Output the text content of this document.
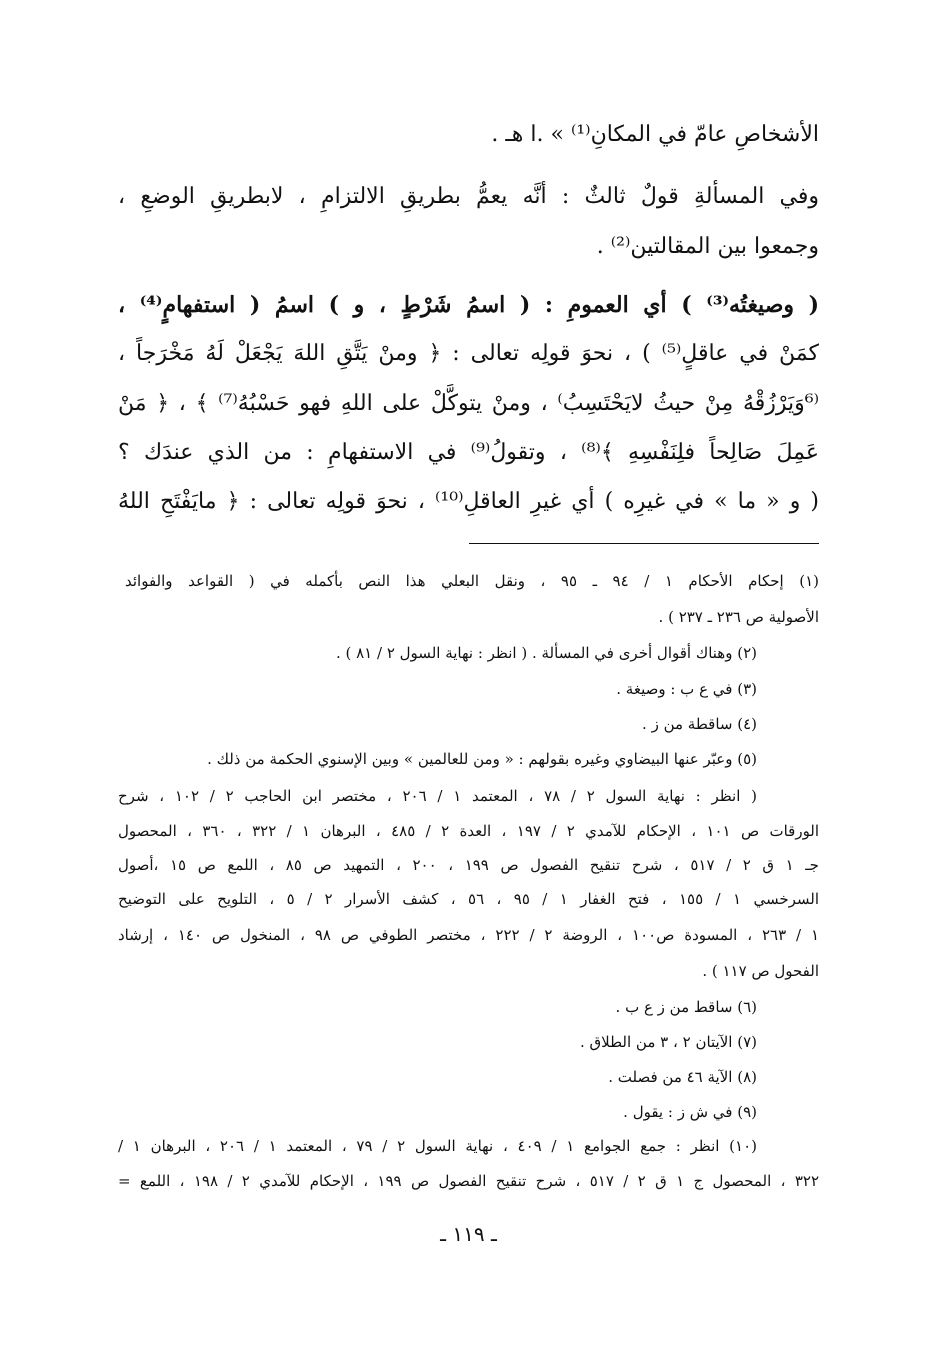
الأشخاصِ عامّ في المكانِ⁽¹⁾ » .ا هـ .
وفي المسألةِ قولٌ ثالثٌ : أنَّه يعمُّ بطريقِ الالتزامِ ، لابطريقِ الوضعِ ،
وجمعوا بين المقالتين⁽²⁾ .
( وصيغتُه⁽³⁾ ) أي العمومِ : ( اسمُ شَرْطٍ ، و ) اسمُ ( استفهامٍ⁽⁴⁾ ،
كمَنْ في عاقلٍ⁽⁵⁾ ) ، نحوَ قولِه تعالى : ﴿ ومنْ يَتَّقِ اللهَ يَجْعَلْ لَهُ مَخْرَجاً ،
⁽⁶وَيَرْزُقْهُ مِنْ حيثُ لايَحْتَسِبُ⁾ ، ومنْ يتوكَّلْ على اللهِ فهو حَسْبُهُ⁽⁷⁾ ﴾ ، ﴿ مَنْ
عَمِلَ صَالِحاً فلِنَفْسِهِ ﴾⁽⁸⁾ ، وتقولُ⁽⁹⁾ في الاستفهامِ : من الذي عندَك ؟
( و « ما » في غيرِه ) أي غيرِ العاقلِ⁽¹⁰⁾ ، نحوَ قولِه تعالى : ﴿ مايَفْتَحِ اللهُ
(١) إحكام الأحكام ١ / ٩٤ ـ ٩٥ ، ونقل البعلي هذا النص بأكمله في ( القواعد والفوائد
الأصولية ص ٢٣٦ ـ ٢٣٧ ) .
(٢) وهناك أقوال أخرى في المسألة . ( انظر : نهاية السول ٢ / ٨١ ) .
(٣) في ع ب : وصيغة .
(٤) ساقطة من ز .
(٥) وعبّر عنها البيضاوي وغيره بقولهم : « ومن للعالمين » وبين الإسنوي الحكمة من ذلك .
( انظر : نهاية السول ٢ / ٧٨ ، المعتمد ١ / ٢٠٦ ، مختصر ابن الحاجب ٢ / ١٠٢ ، شرح
الورقات ص ١٠١ ، الإحكام للآمدي ٢ / ١٩٧ ، العدة ٢ / ٤٨٥ ، البرهان ١ / ٣٢٢ ، ٣٦٠ ، المحصول
جـ ١ ق ٢ / ٥١٧ ، شرح تنقيح الفصول ص ١٩٩ ، ٢٠٠ ، التمهيد ص ٨٥ ، اللمع ص ١٥ ،أصول
السرخسي ١ / ١٥٥ ، فتح الغفار ١ / ٩٥ ، ٥٦ ، كشف الأسرار ٢ / ٥ ، التلويح على التوضيح
١ / ٢٦٣ ، المسودة ص١٠٠ ، الروضة ٢ / ٢٢٢ ، مختصر الطوفي ص ٩٨ ، المنخول ص ١٤٠ ، إرشاد
الفحول ص ١١٧ ) .
(٦) ساقط من ز ع ب .
(٧) الآيتان ٢ ، ٣ من الطلاق .
(٨) الآية ٤٦ من فصلت .
(٩) في ش ز : يقول .
(١٠) انظر : جمع الجوامع ١ / ٤٠٩ ، نهاية السول ٢ / ٧٩ ، المعتمد ١ / ٢٠٦ ، البرهان ١ /
٣٢٢ ، المحصول ج ١ ق ٢ / ٥١٧ ، شرح تنقيح الفصول ص ١٩٩ ، الإحكام للآمدي ٢ / ١٩٨ ، اللمع =
ـ ١١٩ ـ
